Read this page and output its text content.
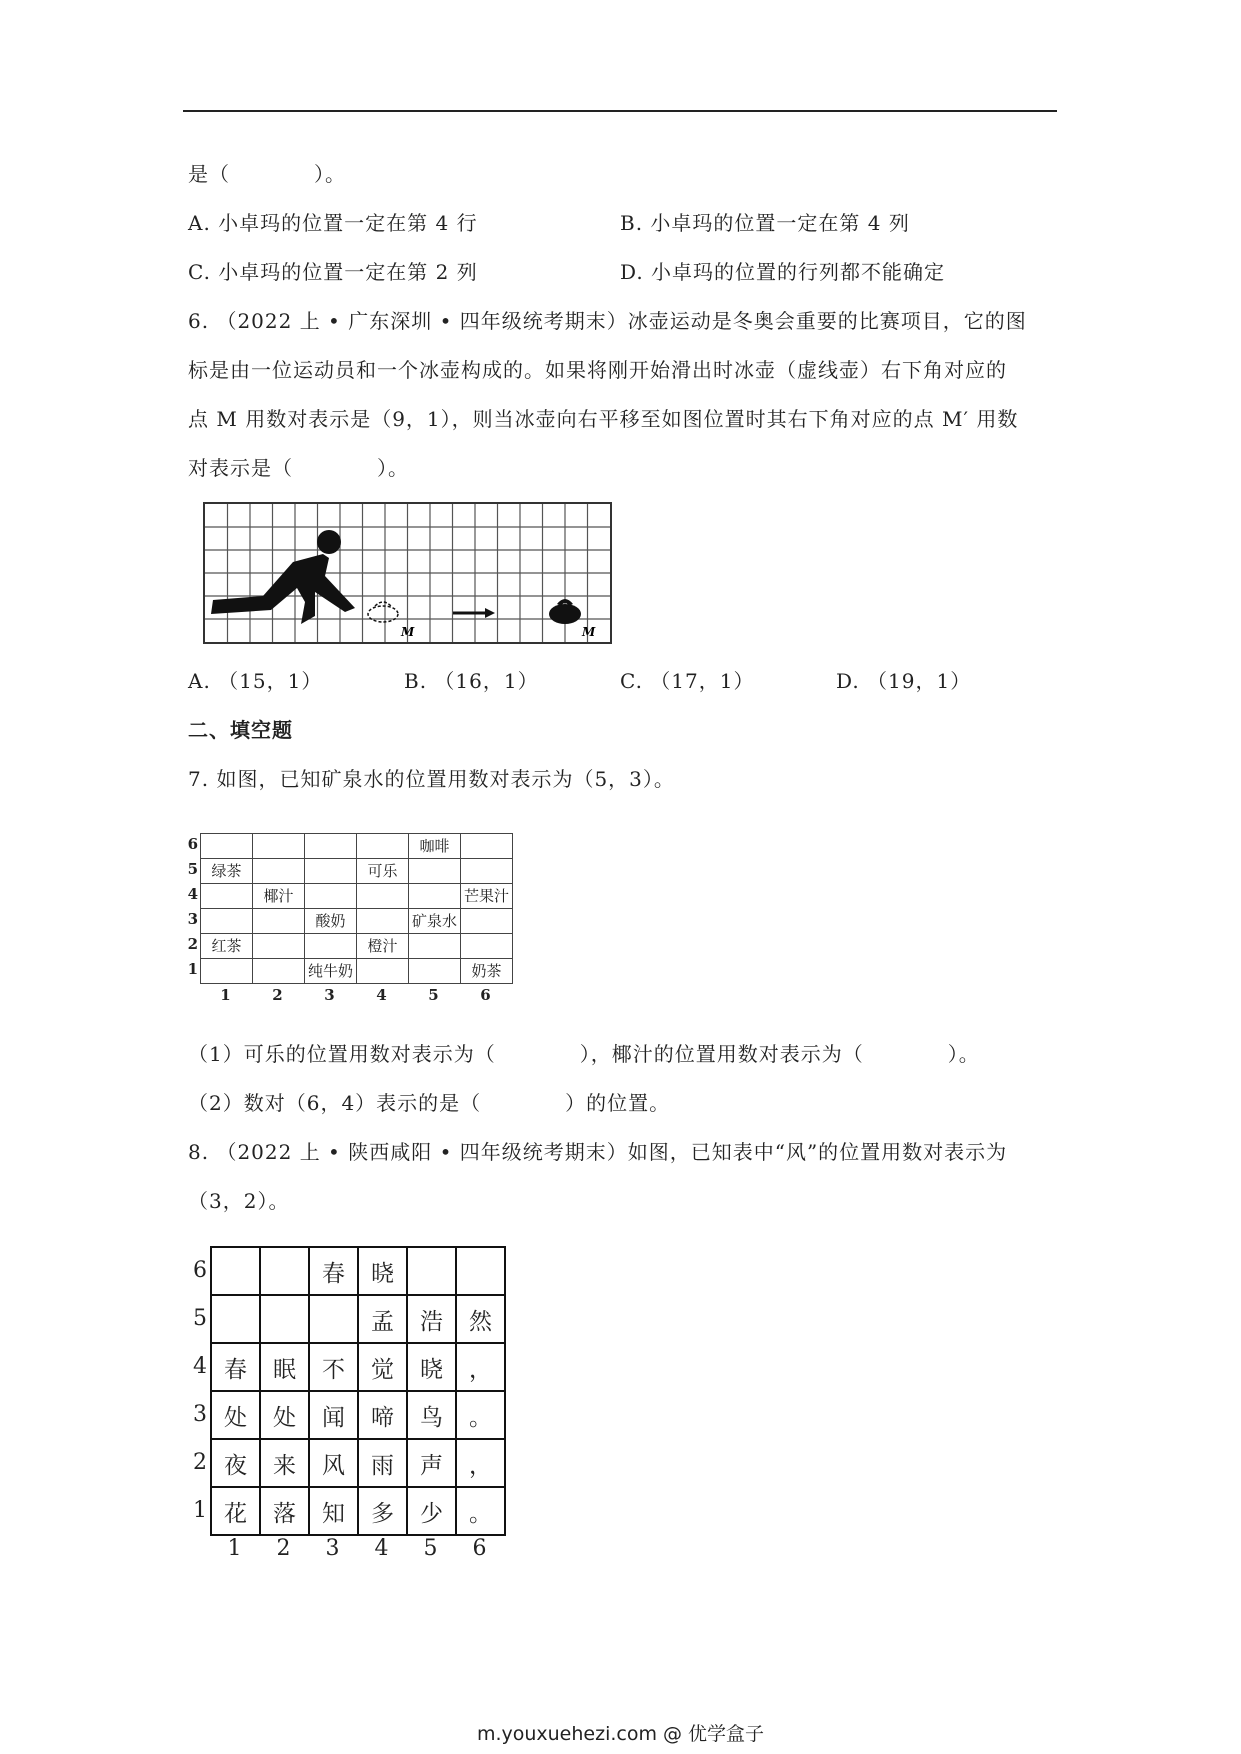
是（　　　　）。
A. 小卓玛的位置一定在第 4 行	B. 小卓玛的位置一定在第 4 列
C. 小卓玛的位置一定在第 2 列	D. 小卓玛的位置的行列都不能确定
6. （2022 上 • 广东深圳 • 四年级统考期末）冰壶运动是冬奥会重要的比赛项目，它的图
标是由一位运动员和一个冰壶构成的。如果将刚开始滑出时冰壶（虚线壶）右下角对应的
点 M 用数对表示是（9，1），则当冰壶向右平移至如图位置时其右下角对应的点 M′ 用数
对表示是（　　　　）。
M	M
A. （15，1）	B. （16，1）	C. （17，1）	D. （19，1）
二、填空题
7. 如图，已知矿泉水的位置用数对表示为（5，3）。
6
5
4
3
2
1
				咖啡	
绿茶			可乐		
	椰汁				芒果汁
		酸奶		矿泉水	
红茶			橙汁		
		纯牛奶			奶茶
1	2	3	4	5	6
（1）可乐的位置用数对表示为（　　　　），椰汁的位置用数对表示为（　　　　）。
（2）数对（6，4）表示的是（　　　　）的位置。
8. （2022 上 • 陕西咸阳 • 四年级统考期末）如图，已知表中“风”的位置用数对表示为
（3，2）。
6
5
4
3
2
1
		春	晓		
			孟	浩	然
春	眠	不	觉	晓	，
处	处	闻	啼	鸟	。
夜	来	风	雨	声	，
花	落	知	多	少	。
1	2	3	4	5	6
m.youxuehezi.com @ 优学盒子
